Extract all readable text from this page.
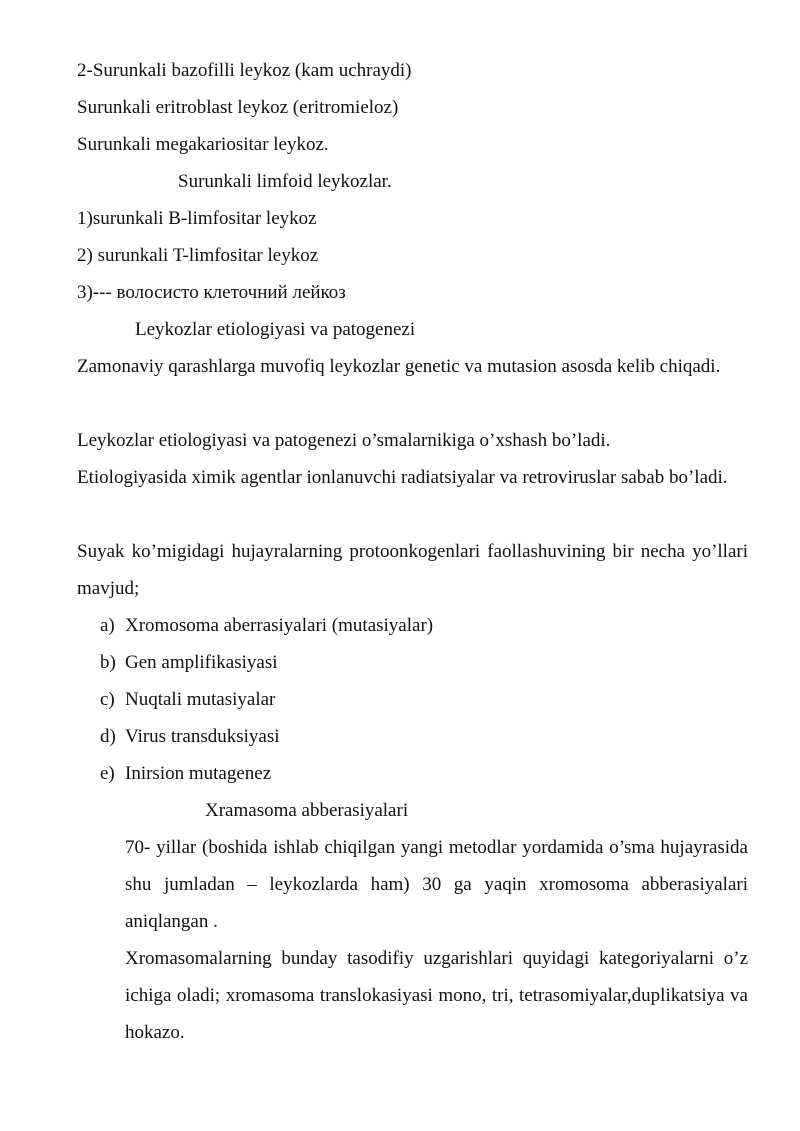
2-Surunkali bazofilli leykoz (kam uchraydi)
Surunkali eritroblast leykoz (eritromieloz)
Surunkali megakariositar leykoz.
Surunkali limfoid leykozlar.
1)surunkali B-limfositar leykoz
2) surunkali T-limfositar leykoz
3)--- волосисто клеточний лейкоз
Leykozlar etiologiyasi va patogenezi
Zamonaviy qarashlarga muvofiq leykozlar genetic va mutasion asosda kelib chiqadi.
Leykozlar etiologiyasi va patogenezi o’smalarnikiga o’xshash bo’ladi.
Etiologiyasida ximik agentlar ionlanuvchi radiatsiyalar va retroviruslar sabab bo’ladi.
Suyak ko’migidagi hujayralarning protoonkogenlari faollashuvining bir necha yo’llari mavjud;
a) Xromosoma aberrasiyalari (mutasiyalar)
b) Gen amplifikasiyasi
c) Nuqtali mutasiyalar
d) Virus transduksiyasi
e) Inirsion mutagenez
Xramasoma abberasiyalari
70- yillar (boshida ishlab chiqilgan yangi metodlar yordamida o’sma hujayrasida shu jumladan – leykozlarda ham) 30 ga yaqin xromosoma abberasiyalari aniqlangan .
Xromasomalarning bunday tasodifiy uzgarishlari quyidagi kategoriyalarni o’z ichiga oladi; xromasoma translokasiyasi mono, tri, tetrasomiyalar,duplikatsiya va hokazo.
